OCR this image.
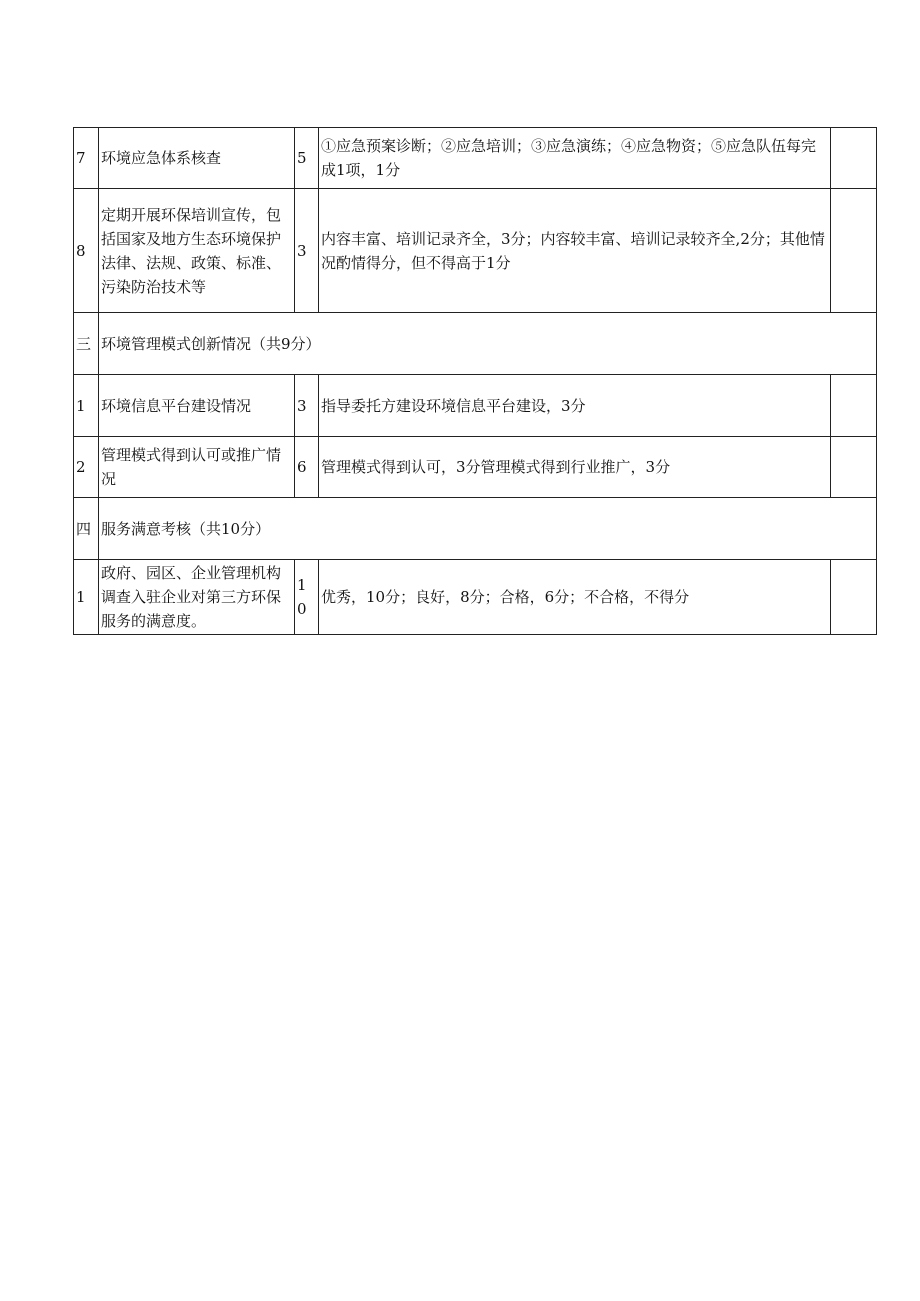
7	环境应急体系核查	5	①应急预案诊断；②应急培训；③应急演练；④应急物资；⑤应急队伍每完成1项，1分	
8	定期开展环保培训宣传，包括国家及地方生态环境保护法律、法规、政策、标准、污染防治技术等	3	内容丰富、培训记录齐全，3分；内容较丰富、培训记录较齐全,2分；其他情况酌情得分，但不得高于1分	
三	环境管理模式创新情况（共9分）			
1	环境信息平台建设情况	3	指导委托方建设环境信息平台建设，3分	
2	管理模式得到认可或推广情况	6	管理模式得到认可，3分管理模式得到行业推广，3分	
四	服务满意考核（共10分）			
1	政府、园区、企业管理机构调查入驻企业对第三方环保服务的满意度。	10	优秀，10分；良好，8分；合格，6分；不合格，不得分	
